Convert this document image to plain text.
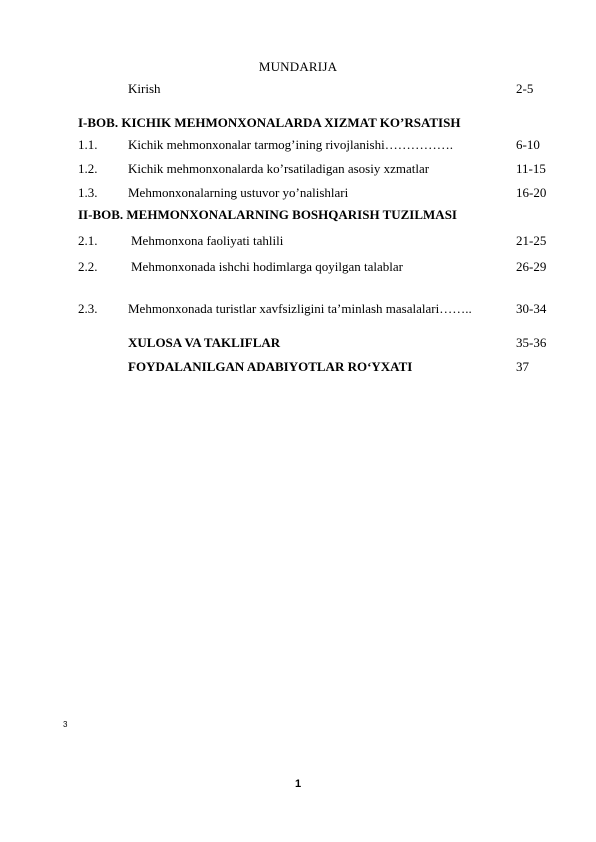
MUNDARIJA
Kirish	2-5
I-BOB. KICHIK MEHMONXONALARDA XIZMAT KO’RSATISH
1.1. Kichik mehmonxonalar tarmog’ining rivojlanishi…………….	6-10
1.2. Kichik mehmonxonalarda ko’rsatiladigan asosiy xzmatlar	11-15
1.3. Mehmonxonalarning ustuvor yo’nalishlari	16-20
II-BOB. MEHMONXONALARNING BOSHQARISH TUZILMASI
2.1.	Mehmonxona faoliyati tahlili	21-25
2.2.	Mehmonxonada ishchi hodimlarga qoyilgan talablar	26-29
2.3. Mehmonxonada turistlar xavfsizligini ta’minlash masalalari……..	30-34
XULOSA VA TAKLIFLAR	35-36
FOYDALANILGAN ADABIYOTLAR RO‘YXATI	37
3
1
